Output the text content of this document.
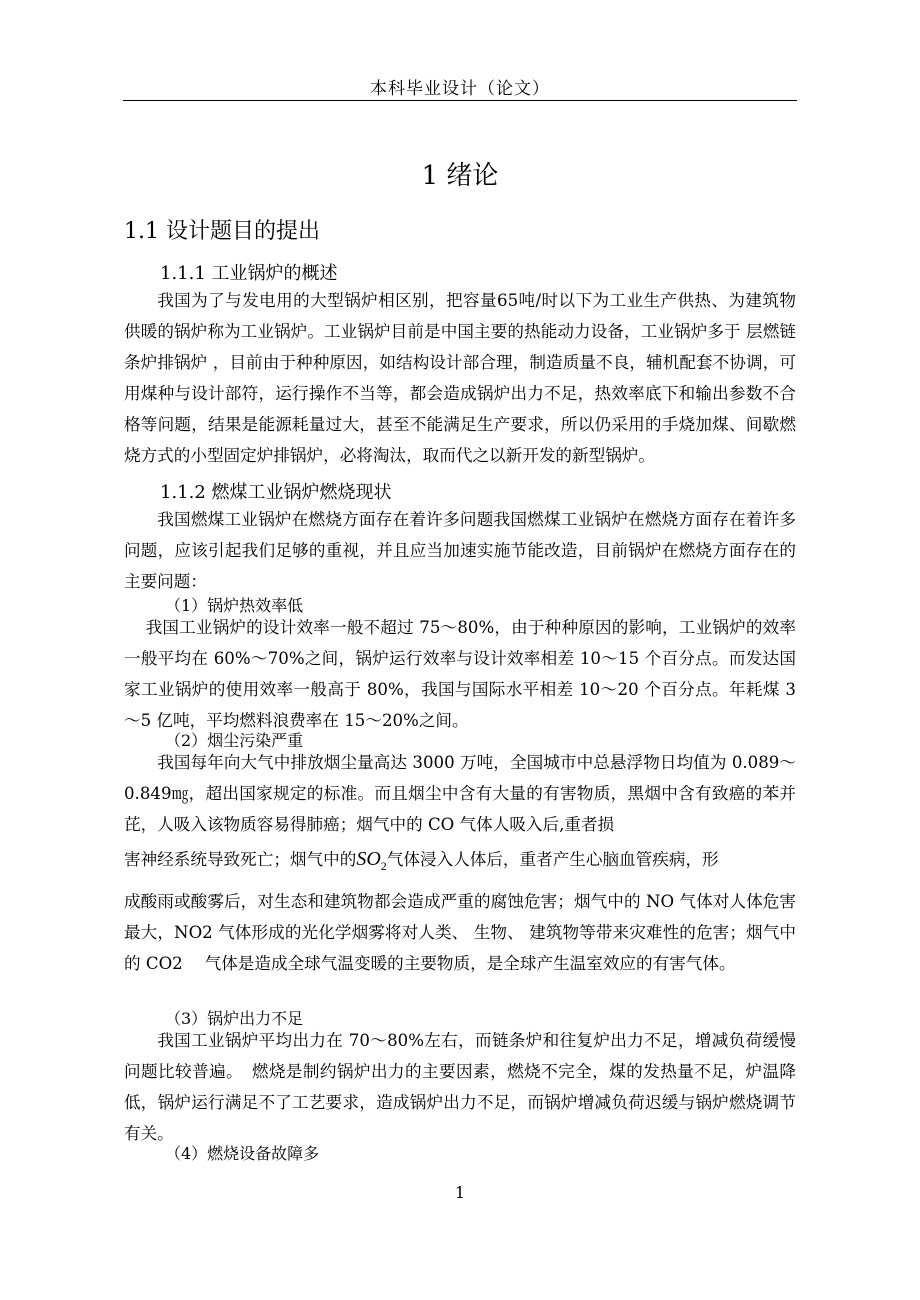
本科毕业设计（论文）
1 绪论
1.1 设计题目的提出
1.1.1 工业锅炉的概述
我国为了与发电用的大型锅炉相区别，把容量65吨/时以下为工业生产供热、为建筑物供暖的锅炉称为工业锅炉。工业锅炉目前是中国主要的热能动力设备，工业锅炉多于 层燃链条炉排锅炉 ，目前由于种种原因，如结构设计部合理，制造质量不良，辅机配套不协调，可用煤种与设计部符，运行操作不当等，都会造成锅炉出力不足，热效率底下和输出参数不合格等问题，结果是能源耗量过大，甚至不能满足生产要求，所以仍采用的手烧加煤、间歇燃烧方式的小型固定炉排锅炉，必将淘汰，取而代之以新开发的新型锅炉。
1.1.2 燃煤工业锅炉燃烧现状
我国燃煤工业锅炉在燃烧方面存在着许多问题我国燃煤工业锅炉在燃烧方面存在着许多问题，应该引起我们足够的重视，并且应当加速实施节能改造，目前锅炉在燃烧方面存在的主要问题：
（1）锅炉热效率低
我国工业锅炉的设计效率一般不超过 75～80%，由于种种原因的影响，工业锅炉的效率一般平均在 60%～70%之间，锅炉运行效率与设计效率相差 10～15 个百分点。而发达国家工业锅炉的使用效率一般高于 80%，我国与国际水平相差 10～20 个百分点。年耗煤 3～5 亿吨，平均燃料浪费率在 15～20%之间。
（2）烟尘污染严重
我国每年向大气中排放烟尘量高达 3000 万吨，全国城市中总悬浮物日均值为 0.089～0.849㎎，超出国家规定的标准。而且烟尘中含有大量的有害物质，黑烟中含有致癌的苯并芘，人吸入该物质容易得肺癌；烟气中的 CO 气体人吸入后,重者损
害神经系统导致死亡；烟气中的$SO_2$气体浸入人体后，重者产生心脑血管疾病，形
成酸雨或酸雾后，对生态和建筑物都会造成严重的腐蚀危害；烟气中的 NO 气体对人体危害最大，NO2 气体形成的光化学烟雾将对人类、 生物、 建筑物等带来灾难性的危害；烟气中的 CO2　 气体是造成全球气温变暖的主要物质，是全球产生温室效应的有害气体。
（3）锅炉出力不足
我国工业锅炉平均出力在 70～80%左右，而链条炉和往复炉出力不足，增减负荷缓慢问题比较普遍。　燃烧是制约锅炉出力的主要因素，燃烧不完全，煤的发热量不足，炉温降低，锅炉运行满足不了工艺要求，造成锅炉出力不足，而锅炉增减负荷迟缓与锅炉燃烧调节有关。
（4）燃烧设备故障多
1
